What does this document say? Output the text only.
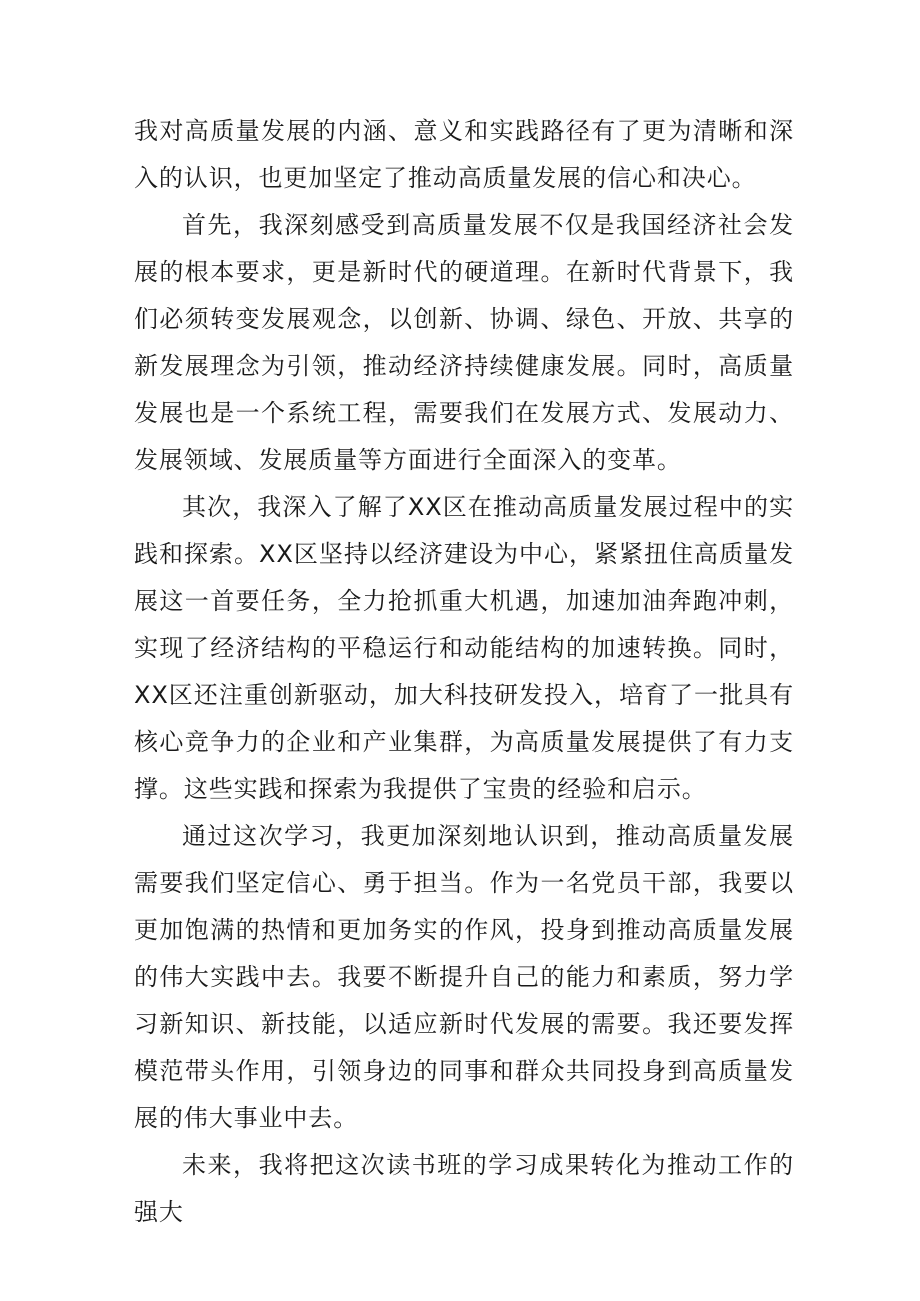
我对高质量发展的内涵、意义和实践路径有了更为清晰和深入的认识，也更加坚定了推动高质量发展的信心和决心。

首先，我深刻感受到高质量发展不仅是我国经济社会发展的根本要求，更是新时代的硬道理。在新时代背景下，我们必须转变发展观念，以创新、协调、绿色、开放、共享的新发展理念为引领，推动经济持续健康发展。同时，高质量发展也是一个系统工程，需要我们在发展方式、发展动力、发展领域、发展质量等方面进行全面深入的变革。

其次，我深入了解了XX区在推动高质量发展过程中的实践和探索。XX区坚持以经济建设为中心，紧紧扭住高质量发展这一首要任务，全力抢抓重大机遇，加速加油奔跑冲刺，实现了经济结构的平稳运行和动能结构的加速转换。同时，XX区还注重创新驱动，加大科技研发投入，培育了一批具有核心竞争力的企业和产业集群，为高质量发展提供了有力支撑。这些实践和探索为我提供了宝贵的经验和启示。

通过这次学习，我更加深刻地认识到，推动高质量发展需要我们坚定信心、勇于担当。作为一名党员干部，我要以更加饱满的热情和更加务实的作风，投身到推动高质量发展的伟大实践中去。我要不断提升自己的能力和素质，努力学习新知识、新技能，以适应新时代发展的需要。我还要发挥模范带头作用，引领身边的同事和群众共同投身到高质量发展的伟大事业中去。

未来，我将把这次读书班的学习成果转化为推动工作的强大
